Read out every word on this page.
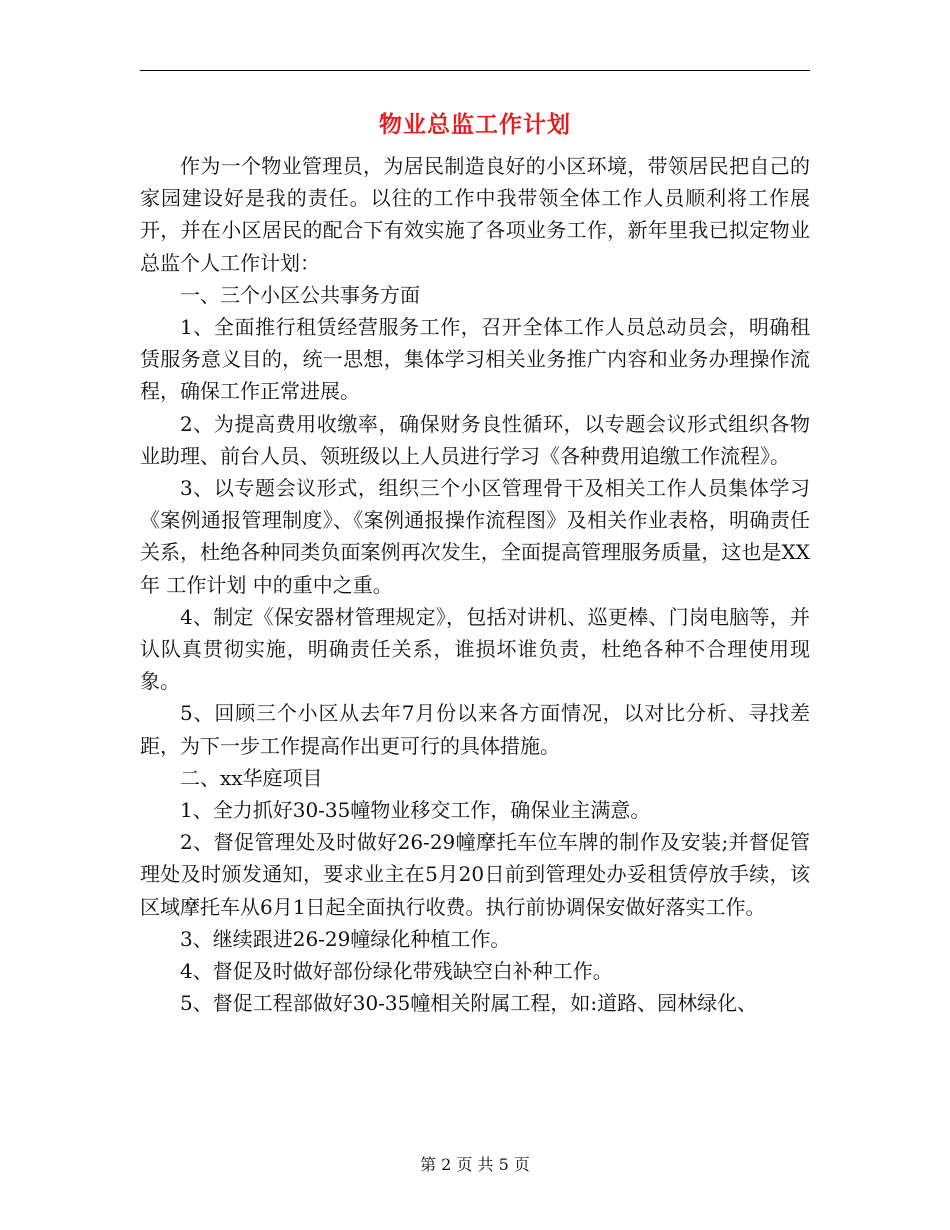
物业总监工作计划

作为一个物业管理员，为居民制造良好的小区环境，带领居民把自己的家园建设好是我的责任。以往的工作中我带领全体工作人员顺利将工作展开，并在小区居民的配合下有效实施了各项业务工作，新年里我已拟定物业总监个人工作计划：

一、三个小区公共事务方面

1、全面推行租赁经营服务工作，召开全体工作人员总动员会，明确租赁服务意义目的，统一思想，集体学习相关业务推广内容和业务办理操作流程，确保工作正常进展。

2、为提高费用收缴率，确保财务良性循环，以专题会议形式组织各物业助理、前台人员、领班级以上人员进行学习《各种费用追缴工作流程》。

3、以专题会议形式，组织三个小区管理骨干及相关工作人员集体学习《案例通报管理制度》、《案例通报操作流程图》及相关作业表格，明确责任关系，杜绝各种同类负面案例再次发生，全面提高管理服务质量，这也是XX年 工作计划 中的重中之重。

4、制定《保安器材管理规定》，包括对讲机、巡更棒、门岗电脑等，并认队真贯彻实施，明确责任关系，谁损坏谁负责，杜绝各种不合理使用现象。

5、回顾三个小区从去年7月份以来各方面情况，以对比分析、寻找差距，为下一步工作提高作出更可行的具体措施。

二、xx华庭项目

1、全力抓好30-35幢物业移交工作，确保业主满意。

2、督促管理处及时做好26-29幢摩托车位车牌的制作及安装;并督促管理处及时颁发通知，要求业主在5月20日前到管理处办妥租赁停放手续，该区域摩托车从6月1日起全面执行收费。执行前协调保安做好落实工作。

3、继续跟进26-29幢绿化种植工作。

4、督促及时做好部份绿化带残缺空白补种工作。

5、督促工程部做好30-35幢相关附属工程，如:道路、园林绿化、

第 2 页 共 5 页
